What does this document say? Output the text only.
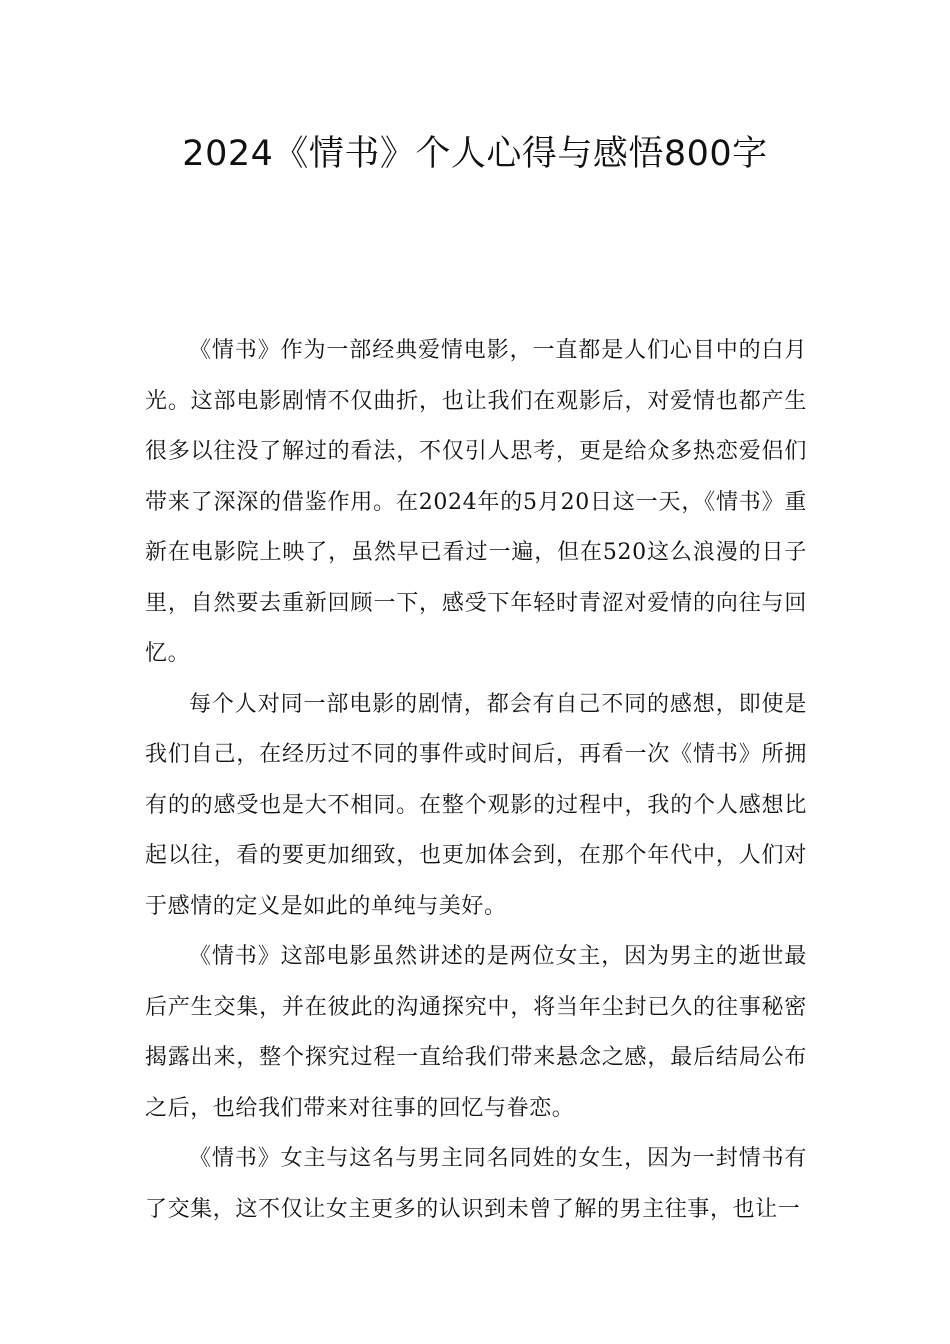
2024《情书》个人心得与感悟800字

《情书》作为一部经典爱情电影，一直都是人们心目中的白月光。这部电影剧情不仅曲折，也让我们在观影后，对爱情也都产生很多以往没了解过的看法，不仅引人思考，更是给众多热恋爱侣们带来了深深的借鉴作用。在2024年的5月20日这一天，《情书》重新在电影院上映了，虽然早已看过一遍，但在520这么浪漫的日子里，自然要去重新回顾一下，感受下年轻时青涩对爱情的向往与回忆。

每个人对同一部电影的剧情，都会有自己不同的感想，即使是我们自己，在经历过不同的事件或时间后，再看一次《情书》所拥有的的感受也是大不相同。在整个观影的过程中，我的个人感想比起以往，看的要更加细致，也更加体会到，在那个年代中，人们对于感情的定义是如此的单纯与美好。

《情书》这部电影虽然讲述的是两位女主，因为男主的逝世最后产生交集，并在彼此的沟通探究中，将当年尘封已久的往事秘密揭露出来，整个探究过程一直给我们带来悬念之感，最后结局公布之后，也给我们带来对往事的回忆与眷恋。

《情书》女主与这名与男主同名同姓的女生，因为一封情书有了交集，这不仅让女主更多的认识到未曾了解的男主往事，也让一
